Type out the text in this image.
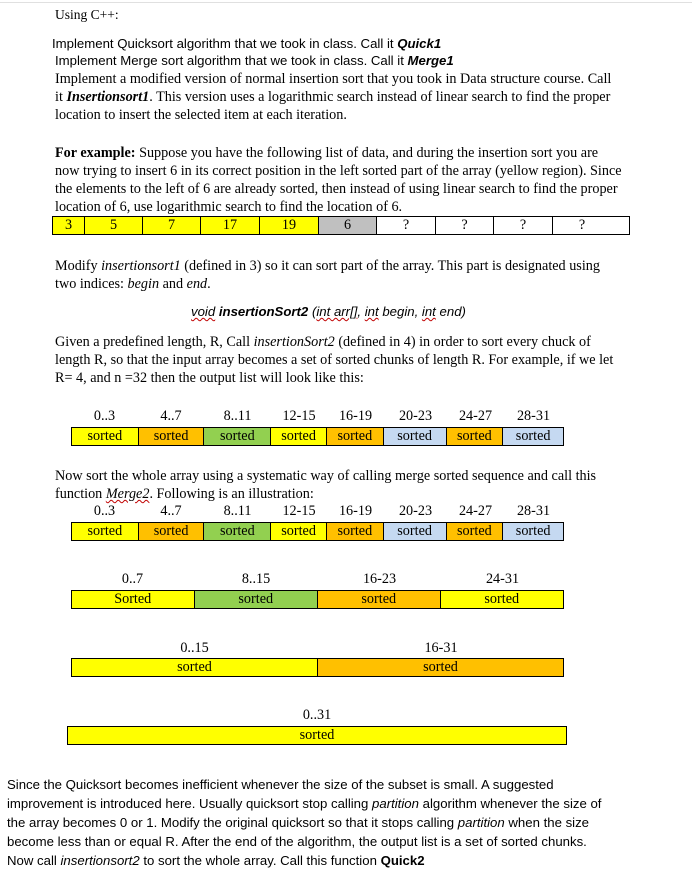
Using C++:
Implement Quicksort algorithm that we took in class. Call it Quick1
Implement Merge sort algorithm that we took in class. Call it Merge1
Implement a modified version of normal insertion sort that you took in Data structure course. Call
it Insertionsort1. This version uses a logarithmic search instead of linear search to find the proper
location to insert the selected item at each iteration.
For example: Suppose you have the following list of data, and during the insertion sort you are
now trying to insert 6 in its correct position in the left sorted part of the array (yellow region). Since
the elements to the left of 6 are already sorted, then instead of using linear search to find the proper
location of 6, use logarithmic search to find the location of 6.
3	5	7	17	19	6	?	?	?	?
Modify insertionsort1 (defined in 3) so it can sort part of the array. This part is designated using
two indices: begin and end.
void insertionSort2 (int arr[], int begin, int end)
Given a predefined length, R, Call insertionSort2 (defined in 4) in order to sort every chuck of
length R, so that the input array becomes a set of sorted chunks of length R. For example, if we let
R= 4, and n =32 then the output list will look like this:
0..3	4..7	8..11	12-15	16-19	20-23	24-27	28-31
sorted	sorted	sorted	sorted	sorted	sorted	sorted	sorted
Now sort the whole array using a systematic way of calling merge sorted sequence and call this
function Merge2. Following is an illustration:
0..3	4..7	8..11	12-15	16-19	20-23	24-27	28-31
sorted	sorted	sorted	sorted	sorted	sorted	sorted	sorted
0..7	8..15	16-23	24-31
Sorted	sorted	sorted	sorted
0..15	16-31
sorted	sorted
0..31
sorted
Since the Quicksort becomes inefficient whenever the size of the subset is small. A suggested
improvement is introduced here. Usually quicksort stop calling partition algorithm whenever the size of
the array becomes 0 or 1. Modify the original quicksort so that it stops calling partition when the size
become less than or equal R. After the end of the algorithm, the output list is a set of sorted chunks.
Now call insertionsort2 to sort the whole array. Call this function Quick2
